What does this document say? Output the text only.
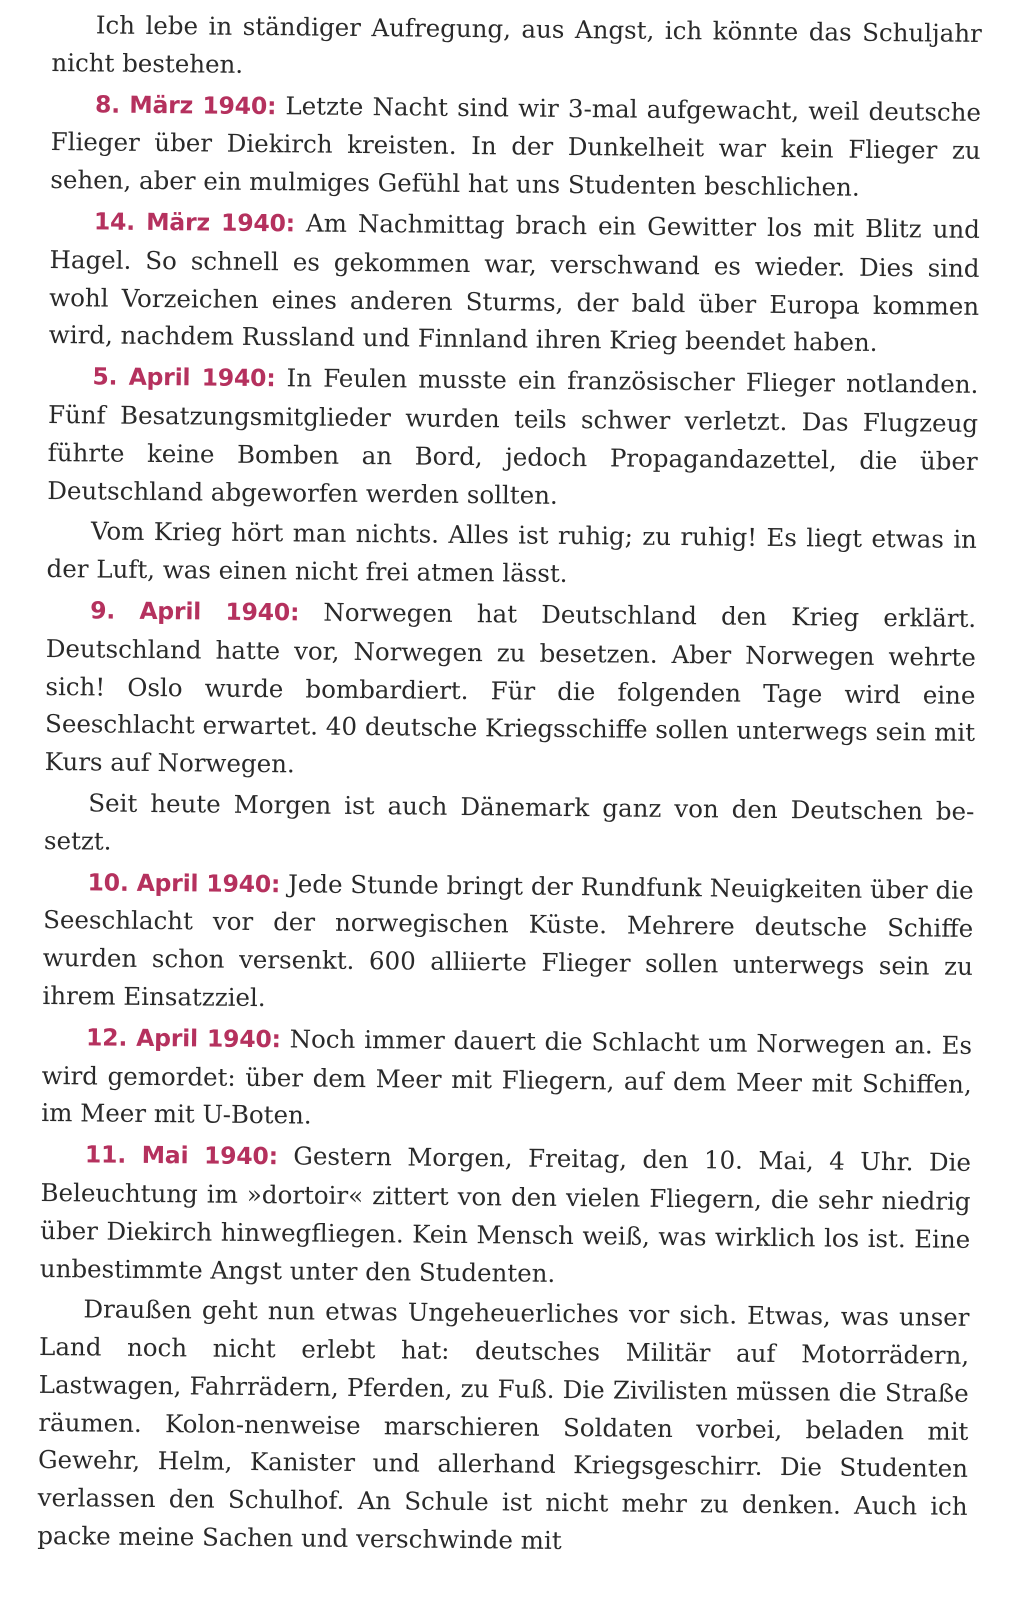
Ich lebe in ständiger Aufregung, aus Angst, ich könnte das Schuljahr nicht bestehen.

8. März 1940: Letzte Nacht sind wir 3-mal aufgewacht, weil deutsche Flieger über Diekirch kreisten. In der Dunkelheit war kein Flieger zu sehen, aber ein mulmiges Gefühl hat uns Studenten beschlichen.

14. März 1940: Am Nachmittag brach ein Gewitter los mit Blitz und Hagel. So schnell es gekommen war, verschwand es wieder. Dies sind wohl Vorzeichen eines anderen Sturms, der bald über Europa kommen wird, nachdem Russland und Finnland ihren Krieg beendet haben.

5. April 1940: In Feulen musste ein französischer Flieger notlanden. Fünf Besatzungsmitglieder wurden teils schwer verletzt. Das Flugzeug führte keine Bomben an Bord, jedoch Propagandazettel, die über Deutschland abgeworfen werden sollten.

Vom Krieg hört man nichts. Alles ist ruhig; zu ruhig! Es liegt etwas in der Luft, was einen nicht frei atmen lässt.

9. April 1940: Norwegen hat Deutschland den Krieg erklärt. Deutschland hatte vor, Norwegen zu besetzen. Aber Norwegen wehrte sich! Oslo wurde bombardiert. Für die folgenden Tage wird eine Seeschlacht erwartet. 40 deutsche Kriegsschiffe sollen unterwegs sein mit Kurs auf Norwegen.

Seit heute Morgen ist auch Dänemark ganz von den Deutschen be-setzt.

10. April 1940: Jede Stunde bringt der Rundfunk Neuigkeiten über die Seeschlacht vor der norwegischen Küste. Mehrere deutsche Schiffe wurden schon versenkt. 600 alliierte Flieger sollen unterwegs sein zu ihrem Einsatzziel.

12. April 1940: Noch immer dauert die Schlacht um Norwegen an. Es wird gemordet: über dem Meer mit Fliegern, auf dem Meer mit Schiffen, im Meer mit U-Boten.

11. Mai 1940: Gestern Morgen, Freitag, den 10. Mai, 4 Uhr. Die Beleuchtung im »dortoir« zittert von den vielen Fliegern, die sehr niedrig über Diekirch hinwegfliegen. Kein Mensch weiß, was wirklich los ist. Eine unbestimmte Angst unter den Studenten.

Draußen geht nun etwas Ungeheuerliches vor sich. Etwas, was unser Land noch nicht erlebt hat: deutsches Militär auf Motorrädern, Lastwagen, Fahrrädern, Pferden, zu Fuß. Die Zivilisten müssen die Straße räumen. Kolon-nenweise marschieren Soldaten vorbei, beladen mit Gewehr, Helm, Kanister und allerhand Kriegsgeschirr. Die Studenten verlassen den Schulhof. An Schule ist nicht mehr zu denken. Auch ich packe meine Sachen und verschwinde mit
